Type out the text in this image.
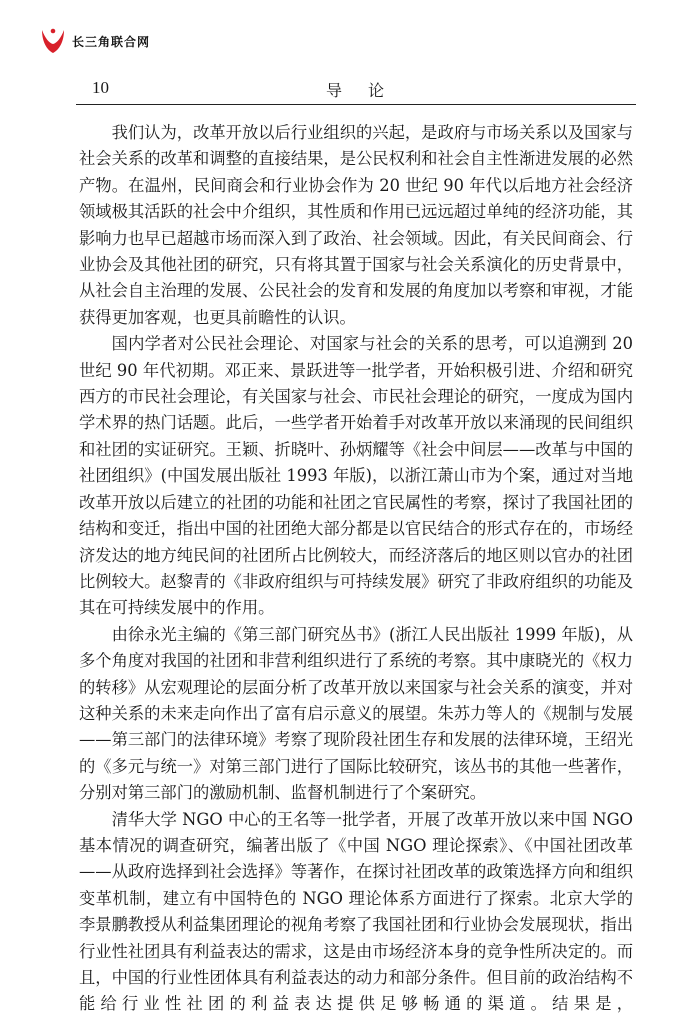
长三角联合网
10	导论

我们认为，改革开放以后行业组织的兴起，是政府与市场关系以及国家与社会关系的改革和调整的直接结果，是公民权利和社会自主性渐进发展的必然产物。在温州，民间商会和行业协会作为 20 世纪 90 年代以后地方社会经济领域极其活跃的社会中介组织，其性质和作用已远远超过单纯的经济功能，其影响力也早已超越市场而深入到了政治、社会领域。因此，有关民间商会、行业协会及其他社团的研究，只有将其置于国家与社会关系演化的历史背景中，从社会自主治理的发展、公民社会的发育和发展的角度加以考察和审视，才能获得更加客观，也更具前瞻性的认识。

国内学者对公民社会理论、对国家与社会的关系的思考，可以追溯到 20 世纪 90 年代初期。邓正来、景跃进等一批学者，开始积极引进、介绍和研究西方的市民社会理论，有关国家与社会、市民社会理论的研究，一度成为国内学术界的热门话题。此后，一些学者开始着手对改革开放以来涌现的民间组织和社团的实证研究。王颖、折晓叶、孙炳耀等《社会中间层——改革与中国的社团组织》(中国发展出版社 1993 年版)，以浙江萧山市为个案，通过对当地改革开放以后建立的社团的功能和社团之官民属性的考察，探讨了我国社团的结构和变迁，指出中国的社团绝大部分都是以官民结合的形式存在的，市场经济发达的地方纯民间的社团所占比例较大，而经济落后的地区则以官办的社团比例较大。赵黎青的《非政府组织与可持续发展》研究了非政府组织的功能及其在可持续发展中的作用。

由徐永光主编的《第三部门研究丛书》(浙江人民出版社 1999 年版)，从多个角度对我国的社团和非营利组织进行了系统的考察。其中康晓光的《权力的转移》从宏观理论的层面分析了改革开放以来国家与社会关系的演变，并对这种关系的未来走向作出了富有启示意义的展望。朱苏力等人的《规制与发展——第三部门的法律环境》考察了现阶段社团生存和发展的法律环境，王绍光的《多元与统一》对第三部门进行了国际比较研究，该丛书的其他一些著作，分别对第三部门的激励机制、监督机制进行了个案研究。

清华大学 NGO 中心的王名等一批学者，开展了改革开放以来中国 NGO 基本情况的调查研究，编著出版了《中国 NGO 理论探索》、《中国社团改革——从政府选择到社会选择》等著作，在探讨社团改革的政策选择方向和组织变革机制，建立有中国特色的 NGO 理论体系方面进行了探索。北京大学的李景鹏教授从利益集团理论的视角考察了我国社团和行业协会发展现状，指出行业性社团具有利益表达的需求，这是由市场经济本身的竞争性所决定的。而且，中国的行业性团体具有利益表达的动力和部分条件。但目前的政治结构不能给行业性社团的利益表达提供足够畅通的渠道。结果是，
